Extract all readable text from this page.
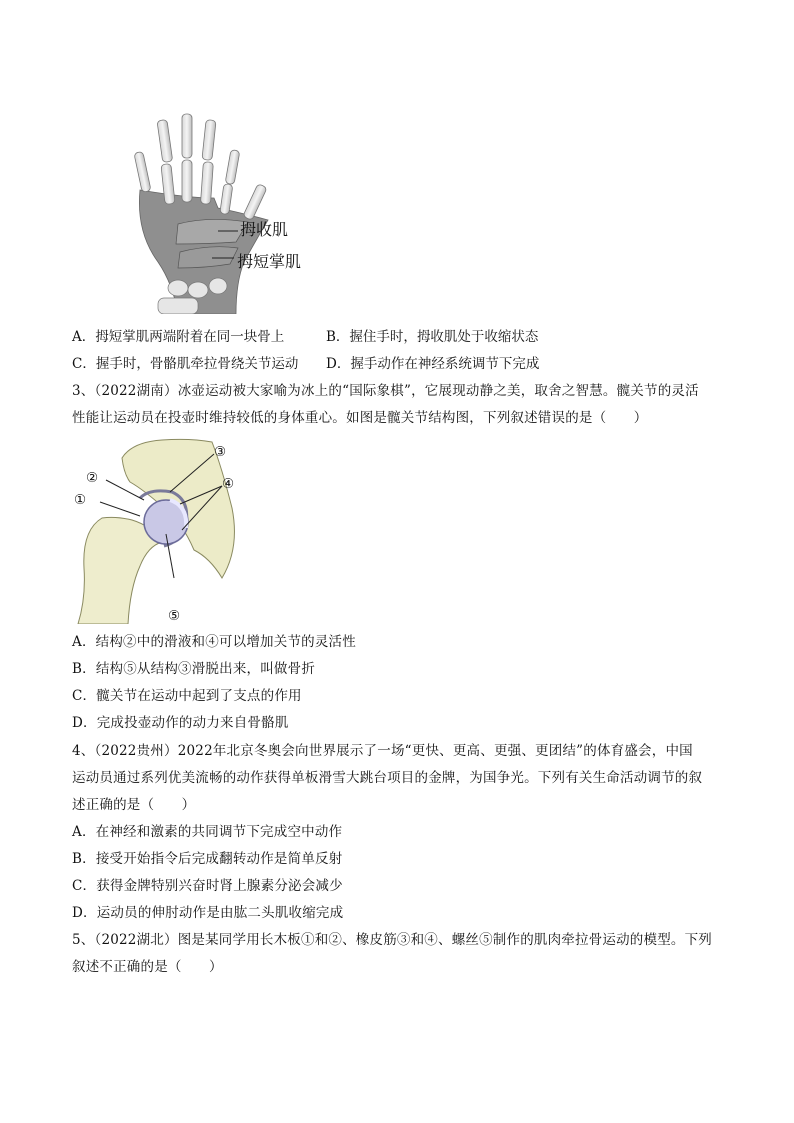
拇收肌
拇短掌肌
A．拇短掌肌两端附着在同一块骨上	B．握住手时，拇收肌处于收缩状态
C．握手时，骨骼肌牵拉骨绕关节运动 D．握手动作在神经系统调节下完成
3、（2022湖南）冰壶运动被大家喻为冰上的“国际象棋”，它展现动静之美，取舍之智慧。髋关节的灵活
性能让运动员在投壶时维持较低的身体重心。如图是髋关节结构图，下列叙述错误的是（　　）
①
②
③
④
⑤
A．结构②中的滑液和④可以增加关节的灵活性
B．结构⑤从结构③滑脱出来，叫做骨折
C．髋关节在运动中起到了支点的作用
D．完成投壶动作的动力来自骨骼肌
4、（2022贵州）2022年北京冬奥会向世界展示了一场“更快、更高、更强、更团结”的体育盛会，中国
运动员通过系列优美流畅的动作获得单板滑雪大跳台项目的金牌，为国争光。下列有关生命活动调节的叙
述正确的是（　　）
A．在神经和激素的共同调节下完成空中动作
B．接受开始指令后完成翻转动作是简单反射
C．获得金牌特别兴奋时肾上腺素分泌会减少
D．运动员的伸肘动作是由肱二头肌收缩完成
5、（2022湖北）图是某同学用长木板①和②、橡皮筋③和④、螺丝⑤制作的肌肉牵拉骨运动的模型。下列
叙述不正确的是（　　）
